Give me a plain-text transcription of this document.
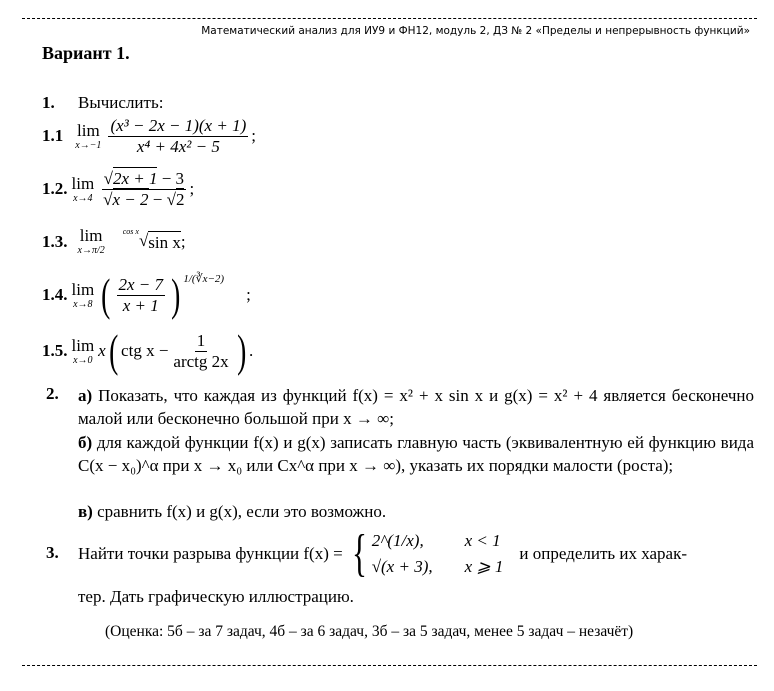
Математический анализ для ИУ9 и ФН12, модуль 2, ДЗ № 2 «Пределы и непрерывность функций»
Вариант 1.
1.	Вычислить:
1.1 lim
$x\to-1 \frac{\text{(x³ − 2x − 1)(x + 1)}}{\text{x⁴ + 4x² − 5}}$ ;
1.2. lim
$x\to 4 \frac{√2x + 1 - 3}{√x - 2 - √2}$ ;
1.3. lim
x→π/2
cos x √ sin x ;
1.4. lim
x→8 ( $\frac{2x - 7}{x + 1}$ ) 1/(∛x−2)
;
1.5. lim
x→0 x ( ctg $x - \frac{1}{\text{arctg 2x}}$ ) .
2. а) Показать, что каждая из функций f(x) = x² + x sin x и g(x) = x² + 4 является бесконечно малой или бесконечно большой при x → ∞;
б) для каждой функции f(x) и g(x) записать главную часть (эквивалентную ей функцию вида C(x − x₀)^α при x → x₀ или Cx^α при x → ∞), указать их порядки малости (роста);
в) сравнить f(x) и g(x), если это возможно.
3. Найти точки разрыва функции f(x) = { 2^(1/x),	x < 1
√(x + 3), x ⩾ 1
и определить их харак-
тер. Дать графическую иллюстрацию.
(Оценка: 5б – за 7 задач, 4б – за 6 задач, 3б – за 5 задач, менее 5 задач – незачёт)
